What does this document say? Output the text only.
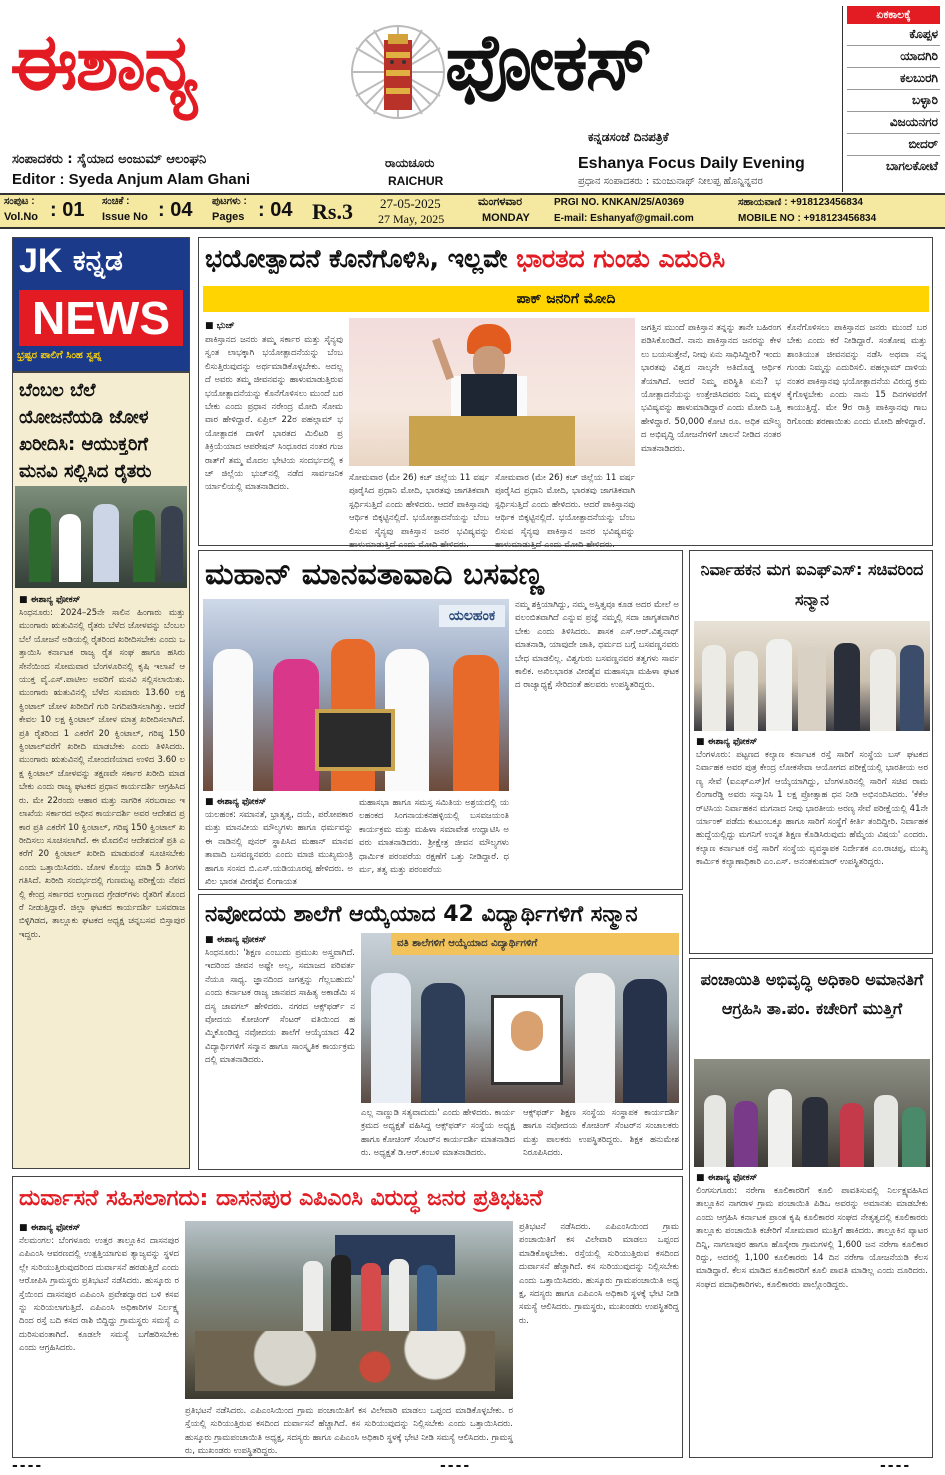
ಈಶಾನ್ಯ	ಫೋಕಸ್
ಸಂಪಾದಕರು : ಸೈಯಾದ ಅಂಜುಮ್ ಆಲಂಘನಿ
Editor : Syeda Anjum Alam Ghani
ರಾಯಚೂರು
RAICHUR
ಕನ್ನಡಸಂಜೆ ದಿನಪತ್ರಿಕೆ
Eshanya Focus Daily Evening
ಪ್ರಧಾನ ಸಂಪಾದಕರು : ಮಂಜುನಾಥ್ ನೀಲಪ್ಪ ಹೊನ್ನಿನ್ನವರ
ಏಕಕಾಲಕ್ಕೆ
ಕೊಪ್ಪಳ
ಯಾದಗಿರಿ
ಕಲಬುರಗಿ
ಬಳ್ಳಾರಿ
ವಿಜಯನಗರ
ಬೀದರ್
ಬಾಗಲಕೋಟೆ
ಸಂಪುಟ :
Vol.No : 01 ಸಂಚಿಕೆ :
Issue No : 04 ಪುಟಗಳು :
Pages : 04 Rs.3 27-05-2025
27 May, 2025
ಮಂಗಳವಾರ
MONDAY
PRGI NO. KNKAN/25/A0369
E-mail: Eshanyaf@gmail.com
ಸಹಾಯವಾಣಿ : +918123456834
MOBILE NO : +918123456834
JK ಕನ್ನಡ
NEWS
ಭ್ರಷ್ಟರ ಪಾಲಿಗೆ ಸಿಂಹ ಸ್ವಪ್ನ
ಬೆಂಬಲ ಬೆಲೆ ಯೋಜನೆಯಡಿ ಜೋಳ ಖರೀದಿಸಿ: ಆಯುಕ್ತರಿಗೆ ಮನವಿ ಸಲ್ಲಿಸಿದ ರೈತರು
■ ಈಶಾನ್ಯ ಫೋಕಸ್
ಸಿಂಧನೂರು: 2024–25ನೇ ಸಾಲಿನ ಹಿಂಗಾರು ಮತ್ತು ಮುಂಗಾರು ಋತುವಿನಲ್ಲಿ ರೈತರು ಬೆಳೆದ ಜೋಳವನ್ನು ಬೆಂಬಲ ಬೆಲೆ ಯೋಜನೆ ಅಡಿಯಲ್ಲಿ ರೈತರಿಂದ ಖರೀದಿಸಬೇಕು ಎಂದು ಒತ್ತಾಯಿಸಿ ಕರ್ನಾಟಕ ರಾಜ್ಯ ರೈತ ಸಂಘ ಹಾಗೂ ಹಸಿರು ಸೇನೆಯಿಂದ ಸೋಮವಾರ ಬೆಂಗಳೂರಿನಲ್ಲಿ ಕೃಷಿ ಇಲಾಖೆ ಆಯುಕ್ತ ವೈ.ಎಸ್.ಪಾಟೀಲ ಅವರಿಗೆ ಮನವಿ ಸಲ್ಲಿಸಲಾಯಿತು. ಮುಂಗಾರು ಋತುವಿನಲ್ಲಿ ಬೆಳೆದ ಸುಮಾರು 13.60 ಲಕ್ಷ ಕ್ವಿಂಟಾಲ್ ಜೋಳ ಖರೀದಿಗೆ ಗುರಿ ನಿಗದಿಪಡಿಸಲಾಗಿತ್ತು. ಆದರೆ ಕೇವಲ 10 ಲಕ್ಷ ಕ್ವಿಂಟಾಲ್ ಜೋಳ ಮಾತ್ರ ಖರೀದಿಸಲಾಗಿದೆ. ಪ್ರತಿ ರೈತರಿಂದ 1 ಎಕರೆಗೆ 20 ಕ್ವಿಂಟಾಲ್, ಗರಿಷ್ಠ 150 ಕ್ವಿಂಟಾಲ್‌ವರೆಗೆ ಖರೀದಿ ಮಾಡಬೇಕು ಎಂದು ತಿಳಿಸಿದರು. ಮುಂಗಾರು ಋತುವಿನಲ್ಲಿ ನೋಂದಣಿಯಾದ ಉಳಿದ 3.60 ಲಕ್ಷ ಕ್ವಿಂಟಾಲ್ ಜೋಳವನ್ನು ತಕ್ಷಣವೇ ಸರ್ಕಾರ ಖರೀದಿ ಮಾಡಬೇಕು ಎಂದು ರಾಜ್ಯ ಘಟಕದ ಪ್ರಧಾನ ಕಾರ್ಯದರ್ಶಿ ಆಗ್ರಹಿಸಿದರು. ಮೇ 22ರಂದು ಆಹಾರ ಮತ್ತು ನಾಗರಿಕ ಸರಬರಾಜು ಇಲಾಖೆಯ ಸರ್ಕಾರದ ಅಧೀನ ಕಾರ್ಯದರ್ಶಿ ಅವರ ಆದೇಶದ ಪ್ರಕಾರ ಪ್ರತಿ ಎಕರೆಗೆ 10 ಕ್ವಿಂಟಾಲ್, ಗರಿಷ್ಠ 150 ಕ್ವಿಂಟಾಲ್ ಖರೀದಿಸಲು ಸೂಚಿಸಲಾಗಿದೆ. ಈ ಮೊದಲಿನ ಆದೇಶದಂತೆ ಪ್ರತಿ ಎಕರೆಗೆ 20 ಕ್ವಿಂಟಾಲ್ ಖರೀದಿ ಮಾಡುವಂತೆ ಸೂಚಿಸಬೇಕು ಎಂದು ಒತ್ತಾಯಿಸಿದರು. ಜೋಳ ಕೊಯ್ಲು ಮಾಡಿ 5 ತಿಂಗಳು ಗತಿಸಿದೆ. ಖರೀದಿ ಸಂದರ್ಭದಲ್ಲಿ ಗುಣಮಟ್ಟ ಪರೀಕ್ಷೆಯ ನೆಪದಲ್ಲಿ ಕೇಂದ್ರ ಸರ್ಕಾರದ ಉಗ್ರಾಣದ ಗ್ರೇಡರ್‌ಗಳು ರೈತರಿಗೆ ತೊಂದರೆ ನೀಡುತ್ತಿದ್ದಾರೆ. ಜಿಲ್ಲಾ ಘಟಕದ ಕಾರ್ಯದರ್ಶಿ ಬಸವರಾಜ ಬಿಳ್ಳಿಗಿಡದ, ತಾಲ್ಲೂಕು ಘಟಕದ ಅಧ್ಯಕ್ಷ ಚನ್ನಬಸವ ಬಿಸ್ತಾಪುರ ಇದ್ದರು.
ಭಯೋತ್ಪಾದನೆ ಕೊನೆಗೊಳಿಸಿ, ಇಲ್ಲವೇ ಭಾರತದ ಗುಂಡು ಎದುರಿಸಿ
ಪಾಕ್ ಜನರಿಗೆ ಮೋದಿ
■ ಭುಜ್
ಪಾಕಿಸ್ತಾನದ ಜನರು ತಮ್ಮ ಸರ್ಕಾರ ಮತ್ತು ಸೈನ್ಯವು ಸ್ವಂತ ಲಾಭಕ್ಕಾಗಿ ಭಯೋತ್ಪಾದನೆಯನ್ನು ಬೆಂಬಲಿಸುತ್ತಿರುವುದನ್ನು ಅರ್ಥಮಾಡಿಕೊಳ್ಳಬೇಕು. ಅದಲ್ಲದೆ ಅವರು ತಮ್ಮ ಜೀವನವನ್ನು ಹಾಳುಮಾಡುತ್ತಿರುವ ಭಯೋತ್ಪಾದನೆಯನ್ನು ಕೊನೆಗೊಳಿಸಲು ಮುಂದೆ ಬರಬೇಕು ಎಂದು ಪ್ರಧಾನ ನರೇಂದ್ರ ಮೋದಿ ಸೋಮವಾರ ಹೇಳಿದ್ದಾರೆ. ಏಪ್ರಿಲ್ 22ರ ಪಹಲ್ಗಾಮ್ ಭಯೋತ್ಪಾದಕ ದಾಳಿಗೆ ಭಾರತದ ಮಿಲಿಟರಿ ಪ್ರತಿಕ್ರಿಯೆಯಾದ ಆಪರೇಷನ್ ಸಿಂಧೂರದ ನಂತರ ಗುಜರಾತ್‌ಗೆ ತಮ್ಮ ಮೊದಲ ಭೇಟಿಯ ಸಂದರ್ಭದಲ್ಲಿ ಕಚ್ ಜಿಲ್ಲೆಯ ಭುಜ್‌ನಲ್ಲಿ ನಡೆದ ಸಾರ್ವಜನಿಕ ರ್ಯಾಲಿಯಲ್ಲಿ ಮಾತನಾಡಿದರು.
ಸೋಮವಾರ (ಮೇ 26) ಕಚ್ ಜಿಲ್ಲೆಯ 11 ವರ್ಷ ಪೂರೈಸಿದ ಪ್ರಧಾನಿ ಮೋದಿ, ಭಾರತವು ಜಾಗತಿಕವಾಗಿ ಸ್ಪರ್ಧಿಸುತ್ತಿದೆ ಎಂದು ಹೇಳಿದರು. ಆದರೆ ಪಾಕಿಸ್ತಾನವು ಆರ್ಥಿಕ ಬಿಕ್ಕಟ್ಟಿನಲ್ಲಿದೆ. ಭಯೋತ್ಪಾದನೆಯನ್ನು ಬೆಂಬಲಿಸುವ ಸೈನ್ಯವು ಪಾಕಿಸ್ತಾನ ಜನರ ಭವಿಷ್ಯವನ್ನು ಹಾಳುಮಾಡುತ್ತಿದೆ ಎಂದು ಮೋದಿ ಹೇಳಿದರು.
ಸೋಮವಾರ (ಮೇ 26) ಕಚ್ ಜಿಲ್ಲೆಯ 11 ವರ್ಷ ಪೂರೈಸಿದ ಪ್ರಧಾನಿ ಮೋದಿ, ಭಾರತವು ಜಾಗತಿಕವಾಗಿ ಸ್ಪರ್ಧಿಸುತ್ತಿದೆ ಎಂದು ಹೇಳಿದರು. ಆದರೆ ಪಾಕಿಸ್ತಾನವು ಆರ್ಥಿಕ ಬಿಕ್ಕಟ್ಟಿನಲ್ಲಿದೆ. ಭಯೋತ್ಪಾದನೆಯನ್ನು ಬೆಂಬಲಿಸುವ ಸೈನ್ಯವು ಪಾಕಿಸ್ತಾನ ಜನರ ಭವಿಷ್ಯವನ್ನು ಹಾಳುಮಾಡುತ್ತಿದೆ ಎಂದು ಮೋದಿ ಹೇಳಿದರು.
ಜಗತ್ತಿನ ಮುಂದೆ ಪಾಕಿಸ್ತಾನ ತನ್ನನ್ನು ತಾನೇ ಬಹಿರಂಗಪಡಿಸಿಕೊಂಡಿದೆ. ನಾನು ಪಾಕಿಸ್ತಾನದ ಜನರನ್ನು ಕೇಳಲು ಬಯಸುತ್ತೇನೆ, ನೀವು ಏನು ಸಾಧಿಸಿದ್ದೀರಿ? ಇಂದು ಭಾರತವು ವಿಶ್ವದ ನಾಲ್ಕನೇ ಅತಿದೊಡ್ಡ ಆರ್ಥಿಕತೆಯಾಗಿದೆ. ಆದರೆ ನಿಮ್ಮ ಪರಿಸ್ಥಿತಿ ಏನು? ಭಯೋತ್ಪಾದನೆಯನ್ನು ಉತ್ತೇಜಿಸಿದವರು ನಿಮ್ಮ ಮಕ್ಕಳ ಭವಿಷ್ಯವನ್ನು ಹಾಳುಮಾಡಿದ್ದಾರೆ ಎಂದು ಮೋದಿ ಒತ್ತಿ ಹೇಳಿದ್ದಾರೆ. 50,000 ಕೋಟಿ ರೂ. ಅಧಿಕ ಮೌಲ್ಯದ ಅಭಿವೃದ್ಧಿ ಯೋಜನೆಗಳಿಗೆ ಚಾಲನೆ ನೀಡಿದ ನಂತರ ಮಾತನಾಡಿದರು.
ಕೊನೆಗೊಳಿಸಲು ಪಾಕಿಸ್ತಾನದ ಜನರು ಮುಂದೆ ಬರಬೇಕು ಎಂದು ಕರೆ ನೀಡಿದ್ದಾರೆ. ಸಂತೋಷ ಮತ್ತು ಶಾಂತಿಯುತ ಜೀವನವನ್ನು ನಡೆಸಿ ಅಥವಾ ನನ್ನ ಗುಂಡು ನಿಮ್ಮನ್ನು ಎದುರಿಸಲಿ. ಪಹಲ್ಗಾಮ್ ದಾಳಿಯ ನಂತರ ಪಾಕಿಸ್ತಾನವು ಭಯೋತ್ಪಾದನೆಯ ವಿರುದ್ಧ ಕ್ರಮ ಕೈಗೊಳ್ಳಬೇಕು ಎಂದು ನಾನು 15 ದಿನಗಳವರೆಗೆ ಕಾಯುತ್ತಿದ್ದೆ. ಮೇ 9ರ ರಾತ್ರಿ ಪಾಕಿಸ್ತಾನವು ಗಾಬರಿಗೊಂಡು ಶರಣಾಯಿತು ಎಂದು ಮೋದಿ ಹೇಳಿದ್ದಾರೆ.
ಮಹಾನ್ ಮಾನವತಾವಾದಿ ಬಸವಣ್ಣ
ಯಲಹಂಕ
■ ಈಶಾನ್ಯ ಫೋಕಸ್
ಯಲಹಂಕ: ಸಮಾನತೆ, ಭ್ರಾತೃತ್ವ, ದಯೆ, ಪರೋಪಕಾರ ಮತ್ತು ಮಾನವೀಯ ಮೌಲ್ಯಗಳು ಹಾಗೂ ಧರ್ಮವನ್ನು ಈ ನಾಡಿನಲ್ಲಿ ಪುನರ್ ಸ್ಥಾಪಿಸಿದ ಮಹಾನ್ ಮಾನವತಾವಾದಿ ಬಸವಣ್ಣನವರು ಎಂದು ಮಾಜಿ ಮುಖ್ಯಮಂತ್ರಿ ಹಾಗೂ ಸಂಸದ ಬಿ.ಎಸ್.ಯಡಿಯೂರಪ್ಪ ಹೇಳಿದರು. ಅಖಿಲ ಭಾರತ ವೀರಶೈವ ಲಿಂಗಾಯತ
ಮಹಾಸಭಾ ಹಾಗೂ ಸಮಸ್ತ ಸಮಿತಿಯ ಅಶ್ರಯದಲ್ಲಿ ಯಲಹಂಕದ ಸಿಂಗನಾಯಕನಹಳ್ಳಿಯಲ್ಲಿ ಬಸವಜಯಂತಿ ಕಾರ್ಯಕ್ರಮ ಮತ್ತು ಮಹಿಳಾ ಸಮಾವೇಶ ಉದ್ಘಾಟಿಸಿ ಅವರು ಮಾತನಾಡಿದರು. ಶ್ರೀಕ್ಷೇತ್ರ ಜೀವನ ಮೌಲ್ಯಗಳು ಧಾರ್ಮಿಕ ಪರಂಪರೆಯ ರಕ್ಷಣೆಗೆ ಒತ್ತು ನೀಡಿದ್ದಾರೆ. ಧರ್ಮ, ತತ್ವ ಮತ್ತು ಪರಂಪರೆಯ
ನಮ್ಮ ಶಕ್ತಿಯಾಗಿದ್ದು, ನಮ್ಮ ಅಸ್ತಿತ್ವವೂ ಕೂಡ ಅದರ ಮೇಲೆ ಅವಲಂಬಿತವಾಗಿದೆ ಎನ್ನುವ ಪ್ರಜ್ಞೆ ನಮ್ಮಲ್ಲಿ ಸದಾ ಜಾಗೃತವಾಗಿರಬೇಕು ಎಂದು ತಿಳಿಸಿದರು. ಶಾಸಕ ಎಸ್.ಆರ್.ವಿಶ್ವನಾಥ್ ಮಾತನಾಡಿ, ಯಾವುದೇ ಜಾತಿ, ಧರ್ಮದ ಬಗ್ಗೆ ಬಸವಣ್ಣನವರು ಬೇಧ ಮಾಡಲಿಲ್ಲ. ವಿಶ್ವಗುರು ಬಸವಣ್ಣನವರ ತತ್ವಗಳು ಸಾರ್ವಕಾಲಿಕ. ಅಖಿಲಭಾರತ ವೀರಶೈವ ಮಹಾಸಭಾ ಮಹಿಳಾ ಘಟಕದ ರಾಜ್ಯಾಧ್ಯಕ್ಷೆ ಸೇರಿದಂತೆ ಹಲವರು ಉಪಸ್ಥಿತರಿದ್ದರು.
ನವೋದಯ ಶಾಲೆಗೆ ಆಯ್ಕೆಯಾದ 42 ವಿದ್ಯಾರ್ಥಿಗಳಿಗೆ ಸನ್ಮಾನ
■ ಈಶಾನ್ಯ ಫೋಕಸ್
ಸಿಂಧನೂರು: 'ಶಿಕ್ಷಣ ಎಂಬುದು ಪ್ರಮುಖ ಅಸ್ತ್ರವಾಗಿದೆ. ಇದರಿಂದ ಜೀವನ ಅಷ್ಟೇ ಅಲ್ಲ, ಸಮಾಜದ ಪರಿವರ್ತನೆಯೂ ಸಾಧ್ಯ. ಜ್ಞಾನದಿಂದ ಜಗತ್ತನ್ನು ಗೆಲ್ಲಬಹುದು' ಎಂದು ಕರ್ನಾಟಕ ರಾಜ್ಯ ಜಾನಪದ ಸಾಹಿತ್ಯ ಅಕಾಡೆಮಿ ಸದಸ್ಯ ಜಾವಗಲ್ ಹೇಳಿದರು. ನಗರದ ಆಕ್ಸ್‌ಫರ್ಡ್ ನವೋದಯ ಕೋಚಿಂಗ್ ಸೆಂಟರ್ ವತಿಯಿಂದ ಹಮ್ಮಿಕೊಂಡಿದ್ದ ನವೋದಯ ಶಾಲೆಗೆ ಆಯ್ಕೆಯಾದ 42 ವಿದ್ಯಾರ್ಥಿಗಳಿಗೆ ಸನ್ಮಾನ ಹಾಗೂ ಸಾಂಸ್ಕೃತಿಕ ಕಾರ್ಯಕ್ರಮದಲ್ಲಿ ಮಾತನಾಡಿದರು.
ವತಿ ಶಾಲೆಗಳಿಗೆ ಆಯ್ಕೆಯಾದ ವಿದ್ಯಾರ್ಥಿಗಳಿಗೆ
ಎಲ್ಲ ನಾಣ್ಣುಡಿ ಸತ್ಯವಾದುದು' ಎಂದು ಹೇಳಿದರು. ಕಾರ್ಯಕ್ರಮದ ಅಧ್ಯಕ್ಷತೆ ವಹಿಸಿದ್ದ ಆಕ್ಸ್‌ಫರ್ಡ್ ಸಂಸ್ಥೆಯ ಅಧ್ಯಕ್ಷ ಹಾಗೂ ಕೋಚಿಂಗ್ ಸೆಂಟರ್‌ನ ಕಾರ್ಯದರ್ಶಿ ಮಾತನಾಡಿದರು. ಅಧ್ಯಕ್ಷತೆ ಡಿ.ಆರ್.ಕಂಬಳಿ ಮಾತನಾಡಿದರು.
ಆಕ್ಸ್‌ಫರ್ಡ್ ಶಿಕ್ಷಣ ಸಂಸ್ಥೆಯ ಸಂಸ್ಥಾಪಕ ಕಾರ್ಯದರ್ಶಿ ಹಾಗೂ ನವೋದಯ ಕೋಚಿಂಗ್ ಸೆಂಟರ್‌ನ ಸಂಚಾಲಕರು ಮತ್ತು ಪಾಲಕರು ಉಪಸ್ಥಿತರಿದ್ದರು. ಶಿಕ್ಷಕ ಹನುಮೇಶ ನಿರೂಪಿಸಿದರು.
ನಿರ್ವಾಹಕನ ಮಗ ಐಎಫ್‌ಎಸ್: ಸಚಿವರಿಂದ ಸನ್ಮಾನ
■ ಈಶಾನ್ಯ ಫೋಕಸ್
ಬೆಂಗಳೂರು: ಪಟ್ಟಣದ ಕಲ್ಯಾಣ ಕರ್ನಾಟಕ ರಸ್ತೆ ಸಾರಿಗೆ ಸಂಸ್ಥೆಯ ಬಸ್ ಘಟಕದ ನಿರ್ವಾಹಕ ಅವರ ಪುತ್ರ ಕೇಂದ್ರ ಲೋಕಸೇವಾ ಆಯೋಗದ ಪರೀಕ್ಷೆಯಲ್ಲಿ ಭಾರತೀಯ ಅರಣ್ಯ ಸೇವೆ (ಐಎಫ್‌ಎಸ್)ಗೆ ಆಯ್ಕೆಯಾಗಿದ್ದು, ಬೆಂಗಳೂರಿನಲ್ಲಿ ಸಾರಿಗೆ ಸಚಿವ ರಾಮಲಿಂಗಾರೆಡ್ಡಿ ಅವರು ಸನ್ಮಾನಿಸಿ 1 ಲಕ್ಷ ಪ್ರೋತ್ಸಾಹ ಧನ ನೀಡಿ ಅಭಿನಂದಿಸಿದರು. 'ಕೆಕೆಆರ್‌ಟಿಸಿಯ ನಿರ್ವಾಹಕನ ಮಗನಾದ ನೀವು ಭಾರತೀಯ ಅರಣ್ಯ ಸೇವೆ ಪರೀಕ್ಷೆಯಲ್ಲಿ 41ನೇ ರ್ಯಾಂಕ್ ಪಡೆದು ಕುಟುಂಬಕ್ಕೂ ಹಾಗೂ ಸಾರಿಗೆ ಸಂಸ್ಥೆಗೆ ಕೀರ್ತಿ ತಂದಿದ್ದೀರಿ. ನಿರ್ವಾಹಕ ಹುದ್ದೆಯಲ್ಲಿದ್ದು ಮಗನಿಗೆ ಉನ್ನತ ಶಿಕ್ಷಣ ಕೊಡಿಸಿರುವುದು ಹೆಮ್ಮೆಯ ವಿಷಯ' ಎಂದರು. ಕಲ್ಯಾಣ ಕರ್ನಾಟಕ ರಸ್ತೆ ಸಾರಿಗೆ ಸಂಸ್ಥೆಯ ವ್ಯವಸ್ಥಾಪಕ ನಿರ್ದೇಶಕ ಎಂ.ರಾಚಪ್ಪ, ಮುಖ್ಯ ಕಾರ್ಮಿಕ ಕಲ್ಯಾಣಾಧಿಕಾರಿ ಎಂ.ಎಸ್. ಅನಂತಕುಮಾರ್ ಉಪಸ್ಥಿತರಿದ್ದರು.
ಪಂಚಾಯಿತಿ ಅಭಿವೃದ್ಧಿ ಅಧಿಕಾರಿ ಅಮಾನತಿಗೆ ಆಗ್ರಹಿಸಿ ತಾ.ಪಂ. ಕಚೇರಿಗೆ ಮುತ್ತಿಗೆ
■ ಈಶಾನ್ಯ ಫೋಕಸ್
ಲಿಂಗಸುಗೂರು: ನರೇಗಾ ಕೂಲಿಕಾರರಿಗೆ ಕೂಲಿ ಪಾವತಿಸುವಲ್ಲಿ ನಿರ್ಲಕ್ಷ್ಯವಹಿಸಿದ ತಾಲ್ಲೂಕಿನ ನಾಗರಾಳ ಗ್ರಾಮ ಪಂಚಾಯಿತಿ ಪಿಡಿಒ ಅವರನ್ನು ಅಮಾನತು ಮಾಡಬೇಕು ಎಂದು ಆಗ್ರಹಿಸಿ ಕರ್ನಾಟಕ ಪ್ರಾಂತ ಕೃಷಿ ಕೂಲಿಕಾರರ ಸಂಘದ ನೇತೃತ್ವದಲ್ಲಿ ಕೂಲಿಕಾರರು ತಾಲ್ಲೂಕು ಪಂಚಾಯಿತಿ ಕಚೇರಿಗೆ ಸೋಮವಾರ ಮುತ್ತಿಗೆ ಹಾಕಿದರು. ತಾಲ್ಲೂಕಿನ ಪ್ಯಾಟರದಿನ್ನಿ, ನಾಗಲಾಪುರ ಹಾಗೂ ಹೊಸ್ಕೇರಾ ಗ್ರಾಮಗಳಲ್ಲಿ 1,600 ಜನ ನರೇಗಾ ಕೂಲಿಕಾರರಿದ್ದು, ಅದರಲ್ಲಿ 1,100 ಕೂಲಿಕಾರರು 14 ದಿನ ನರೇಗಾ ಯೋಜನೆಯಡಿ ಕೆಲಸ ಮಾಡಿದ್ದಾರೆ. ಕೆಲಸ ಮಾಡಿದ ಕೂಲಿಕಾರರಿಗೆ ಕೂಲಿ ಪಾವತಿ ಮಾಡಿಲ್ಲ ಎಂದು ದೂರಿದರು. ಸಂಘದ ಪದಾಧಿಕಾರಿಗಳು, ಕೂಲಿಕಾರರು ಪಾಲ್ಗೊಂಡಿದ್ದರು.
ದುರ್ವಾಸನೆ ಸಹಿಸಲಾಗದು: ದಾಸನಪುರ ಎಪಿಎಂಸಿ ವಿರುದ್ಧ ಜನರ ಪ್ರತಿಭಟನೆ
■ ಈಶಾನ್ಯ ಫೋಕಸ್
ನೆಲಮಂಗಲ: ಬೆಂಗಳೂರು ಉತ್ತರ ತಾಲ್ಲೂಕಿನ ದಾಸನಪುರ ಎಪಿಎಂಸಿ ಆವರಣದಲ್ಲಿ ಉತ್ಪತ್ತಿಯಾಗುವ ತ್ಯಾಜ್ಯವನ್ನು ಸ್ಥಳದಲ್ಲೇ ಸುರಿಯುತ್ತಿರುವುದರಿಂದ ದುರ್ವಾಸನೆ ಹರಡುತ್ತಿದೆ ಎಂದು ಆರೋಪಿಸಿ ಗ್ರಾಮಸ್ಥರು ಪ್ರತಿಭಟನೆ ನಡೆಸಿದರು. ಹುಸ್ಕೂರು ರಸ್ತೆಯಿಂದ ದಾಸನಪುರ ಎಪಿಎಂಸಿ ಪ್ರವೇಶದ್ವಾರದ ಬಳಿ ಕಸವನ್ನು ಸುರಿಯಲಾಗುತ್ತಿದೆ. ಎಪಿಎಂಸಿ ಅಧಿಕಾರಿಗಳ ನಿರ್ಲಕ್ಷ್ಯದಿಂದ ರಸ್ತೆ ಬದಿ ಕಸದ ರಾಶಿ ಬಿದ್ದಿದ್ದು ಗ್ರಾಮಸ್ಥರು ಸಮಸ್ಯೆ ಎದುರಿಸುವಂತಾಗಿದೆ. ಕೂಡಲೇ ಸಮಸ್ಯೆ ಬಗೆಹರಿಸಬೇಕು ಎಂದು ಆಗ್ರಹಿಸಿದರು.
ಪ್ರತಿಭಟನೆ ನಡೆಸಿದರು. ಎಪಿಎಂಸಿಯಿಂದ ಗ್ರಾಮ ಪಂಚಾಯಿತಿಗೆ ಕಸ ವಿಲೇವಾರಿ ಮಾಡಲು ಒಪ್ಪಂದ ಮಾಡಿಕೊಳ್ಳಬೇಕು. ರಸ್ತೆಯಲ್ಲಿ ಸುರಿಯುತ್ತಿರುವ ಕಸದಿಂದ ದುರ್ವಾಸನೆ ಹೆಚ್ಚಾಗಿದೆ. ಕಸ ಸುರಿಯುವುದನ್ನು ನಿಲ್ಲಿಸಬೇಕು ಎಂದು ಒತ್ತಾಯಿಸಿದರು. ಹುಸ್ಕೂರು ಗ್ರಾಮಪಂಚಾಯಿತಿ ಅಧ್ಯಕ್ಷ, ಸದಸ್ಯರು ಹಾಗೂ ಎಪಿಎಂಸಿ ಅಧಿಕಾರಿ ಸ್ಥಳಕ್ಕೆ ಭೇಟಿ ನೀಡಿ ಸಮಸ್ಯೆ ಆಲಿಸಿದರು. ಗ್ರಾಮಸ್ಥರು, ಮುಖಂಡರು ಉಪಸ್ಥಿತರಿದ್ದರು.
ಪ್ರತಿಭಟನೆ ನಡೆಸಿದರು. ಎಪಿಎಂಸಿಯಿಂದ ಗ್ರಾಮ ಪಂಚಾಯಿತಿಗೆ ಕಸ ವಿಲೇವಾರಿ ಮಾಡಲು ಒಪ್ಪಂದ ಮಾಡಿಕೊಳ್ಳಬೇಕು. ರಸ್ತೆಯಲ್ಲಿ ಸುರಿಯುತ್ತಿರುವ ಕಸದಿಂದ ದುರ್ವಾಸನೆ ಹೆಚ್ಚಾಗಿದೆ. ಕಸ ಸುರಿಯುವುದನ್ನು ನಿಲ್ಲಿಸಬೇಕು ಎಂದು ಒತ್ತಾಯಿಸಿದರು. ಹುಸ್ಕೂರು ಗ್ರಾಮಪಂಚಾಯಿತಿ ಅಧ್ಯಕ್ಷ, ಸದಸ್ಯರು ಹಾಗೂ ಎಪಿಎಂಸಿ ಅಧಿಕಾರಿ ಸ್ಥಳಕ್ಕೆ ಭೇಟಿ ನೀಡಿ ಸಮಸ್ಯೆ ಆಲಿಸಿದರು. ಗ್ರಾಮಸ್ಥರು, ಮುಖಂಡರು ಉಪಸ್ಥಿತರಿದ್ದರು.
----	----	----
